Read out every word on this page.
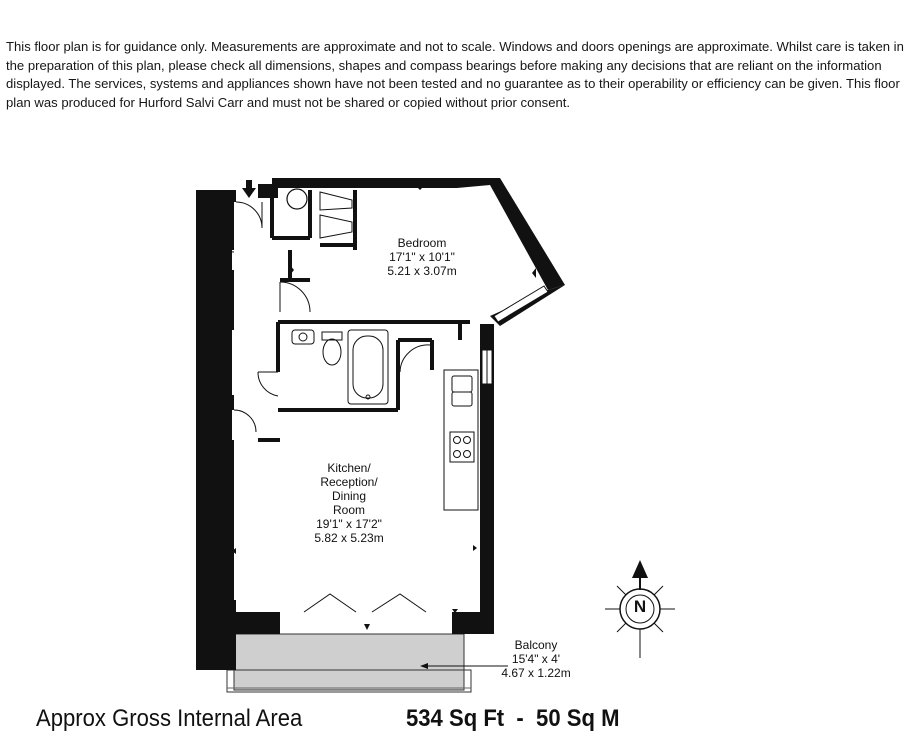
This floor plan is for guidance only. Measurements are approximate and not to scale. Windows and doors openings are approximate. Whilst care is taken in the preparation of this plan, please check all dimensions, shapes and compass bearings before making any decisions that are reliant on the information displayed. The services, systems and appliances shown have not been tested and no guarantee as to their operability or efficiency can be given. This floor plan was produced for Hurford Salvi Carr and must not be shared or copied without prior consent.

N
Bedroom
17'1" x 10'1"
5.21 x 3.07m
Kitchen/
Reception/
Dining
Room
19'1" x 17'2"
5.82 x 5.23m
Balcony
15'4" x 4'
4.67 x 1.22m
Approx Gross Internal Area	534 Sq Ft  -  50 Sq M
